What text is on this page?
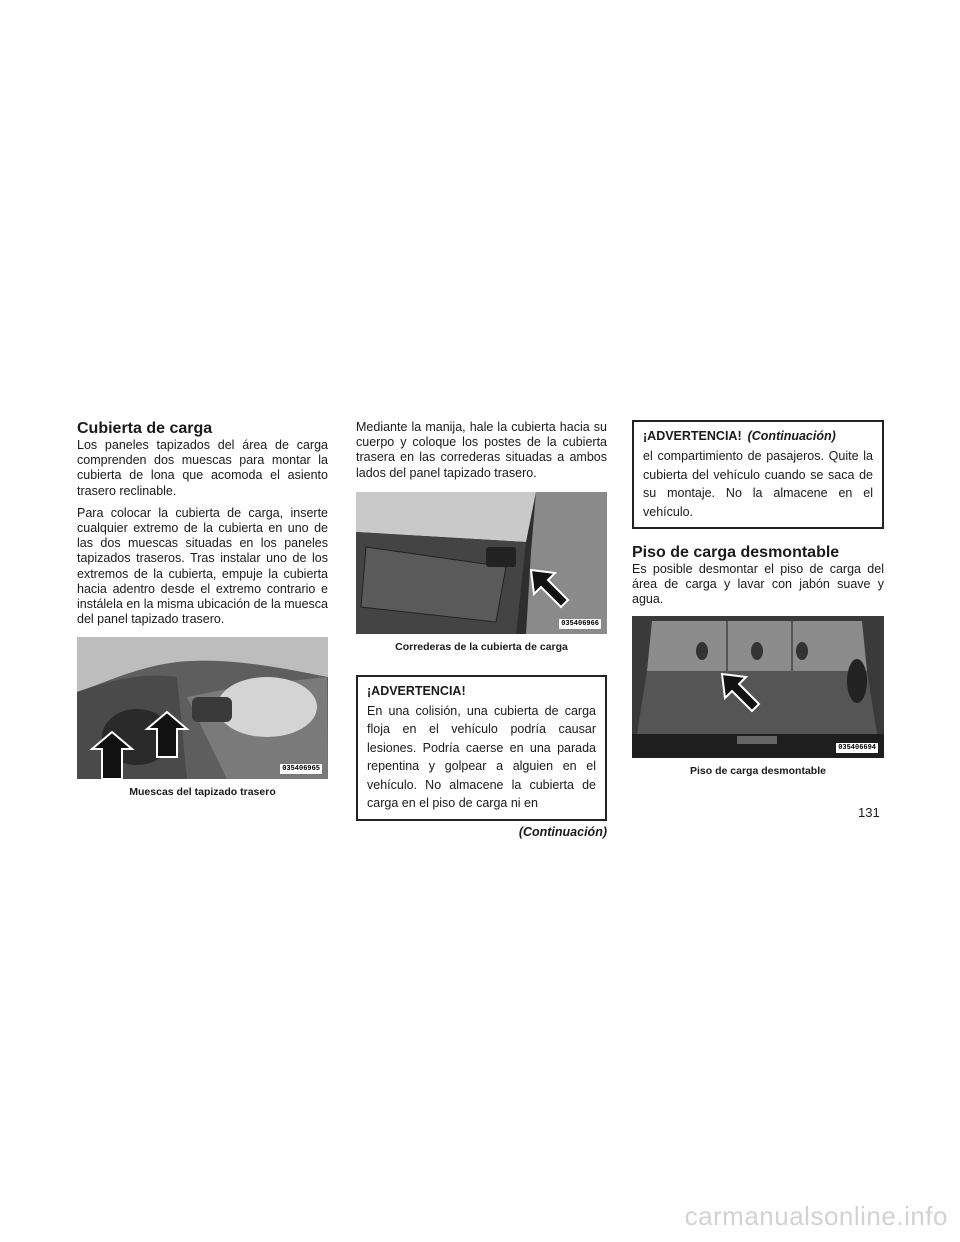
Cubierta de carga

Los paneles tapizados del área de carga comprenden dos muescas para montar la cubierta de lona que acomoda el asiento trasero reclinable.

Para colocar la cubierta de carga, inserte cualquier extremo de la cubierta en uno de las dos muescas situadas en los paneles tapizados traseros. Tras instalar uno de los extremos de la cubierta, empuje la cubierta hacia adentro desde el extremo contrario e instálela en la misma ubicación de la muesca del panel tapizado trasero.

035406965
Muescas del tapizado trasero

Mediante la manija, hale la cubierta hacia su cuerpo y coloque los postes de la cubierta trasera en las correderas situadas a ambos lados del panel tapizado trasero.

035406966
Correderas de la cubierta de carga
¡ADVERTENCIA!

En una colisión, una cubierta de carga floja en el vehículo podría causar lesiones. Podría caerse en una parada repentina y golpear a alguien en el vehículo. No almacene la cubierta de carga en el piso de carga ni en

(Continuación)
¡ADVERTENCIA! (Continuación)

el compartimiento de pasajeros. Quite la cubierta del vehículo cuando se saca de su montaje. No la almacene en el vehículo.

Piso de carga desmontable

Es posible desmontar el piso de carga del área de carga y lavar con jabón suave y agua.

035406694
Piso de carga desmontable
131
carmanualsonline.info
